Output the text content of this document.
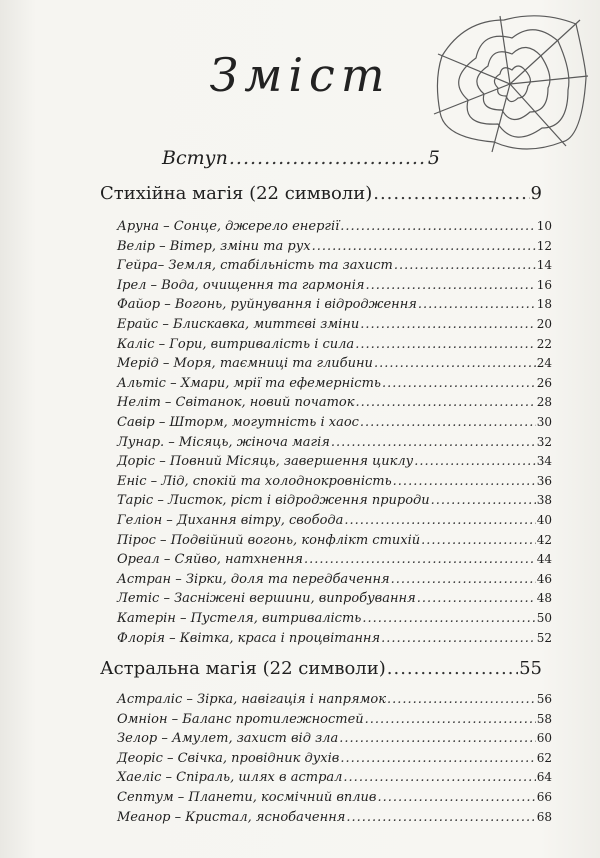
Зміст
Вступ .....	5
Стихійна магія (22 символи) .....	9
Аруна – Сонце, джерело енергії .....	10
Велір – Вітер, зміни та рух .....	12
Гейра– Земля, стабільність та захист .....	14
Ірел – Вода, очищення та гармонія .....	16
Файор – Вогонь, руйнування і відродження .....	18
Ерайс – Блискавка, миттєві зміни .....	20
Каліс – Гори, витривалість і сила .....	22
Мерід – Моря, таємниці та глибини .....	24
Альтіс – Хмари, мрії та ефемерність .....	26
Неліт – Світанок, новий початок .....	28
Савір – Шторм, могутність і хаос .....	30
Лунар. – Місяць, жіноча магія .....	32
Доріс – Повний Місяць, завершення циклу .....	34
Еніс – Лід, спокій та холоднокровність .....	36
Таріс – Листок, ріст і відродження природи .....	38
Геліон – Дихання вітру, свобода .....	40
Пірос – Подвійний вогонь, конфлікт стихій .....	42
Ореал – Сяйво, натхнення .....	44
Астран – Зірки, доля та передбачення .....	46
Летіс – Засніжені вершини, випробування .....	48
Катерін – Пустеля, витривалість .....	50
Флорія – Квітка, краса і процвітання .....	52
Астральна магія (22 символи) .....	55
Астраліс – Зірка, навігація і напрямок .....	56
Омніон – Баланс протилежностей .....	58
Зелор – Амулет, захист від зла .....	60
Деоріс – Свічка, провідник духів .....	62
Хаеліс – Спіраль, шлях в астрал .....	64
Септум – Планети, космічний вплив .....	66
Меанор – Кристал, яснобачення .....	68
